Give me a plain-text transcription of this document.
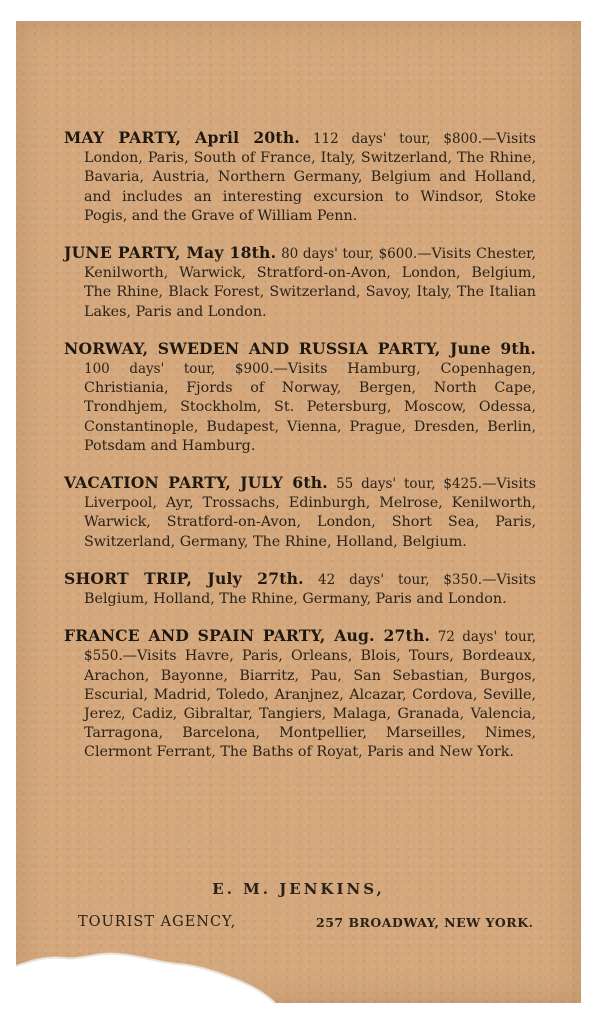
MAY PARTY, April 20th. 112 days' tour, $800.—Visits London, Paris, South of France, Italy, Switzerland, The Rhine, Bavaria, Austria, Northern Germany, Belgium and Holland, and includes an interesting excursion to Windsor, Stoke Pogis, and the Grave of William Penn.

JUNE PARTY, May 18th. 80 days' tour, $600.—Visits Chester, Kenilworth, Warwick, Stratford-on-Avon, London, Belgium, The Rhine, Black Forest, Switzerland, Savoy, Italy, The Italian Lakes, Paris and London.

NORWAY, SWEDEN AND RUSSIA PARTY, June 9th. 100 days' tour, $900.—Visits Hamburg, Copenhagen, Christiania, Fjords of Norway, Bergen, North Cape, Trondhjem, Stockholm, St. Petersburg, Moscow, Odessa, Constantinople, Budapest, Vienna, Prague, Dresden, Berlin, Potsdam and Hamburg.

VACATION PARTY, JULY 6th. 55 days' tour, $425.—Visits Liverpool, Ayr, Trossachs, Edinburgh, Melrose, Kenilworth, Warwick, Stratford-on-Avon, London, Short Sea, Paris, Switzerland, Germany, The Rhine, Holland, Belgium.

SHORT TRIP, July 27th. 42 days' tour, $350.—Visits Belgium, Holland, The Rhine, Germany, Paris and London.

FRANCE AND SPAIN PARTY, Aug. 27th. 72 days' tour, $550.—Visits Havre, Paris, Orleans, Blois, Tours, Bordeaux, Arachon, Bayonne, Biarritz, Pau, San Sebastian, Burgos, Escurial, Madrid, Toledo, Aranjnez, Alcazar, Cordova, Seville, Jerez, Cadiz, Gibraltar, Tangiers, Malaga, Granada, Valencia, Tarragona, Barcelona, Montpellier, Marseilles, Nimes, Clermont Ferrant, The Baths of Royat, Paris and New York.

E. M. JENKINS,
TOURIST AGENCY,	257 BROADWAY, NEW YORK.
